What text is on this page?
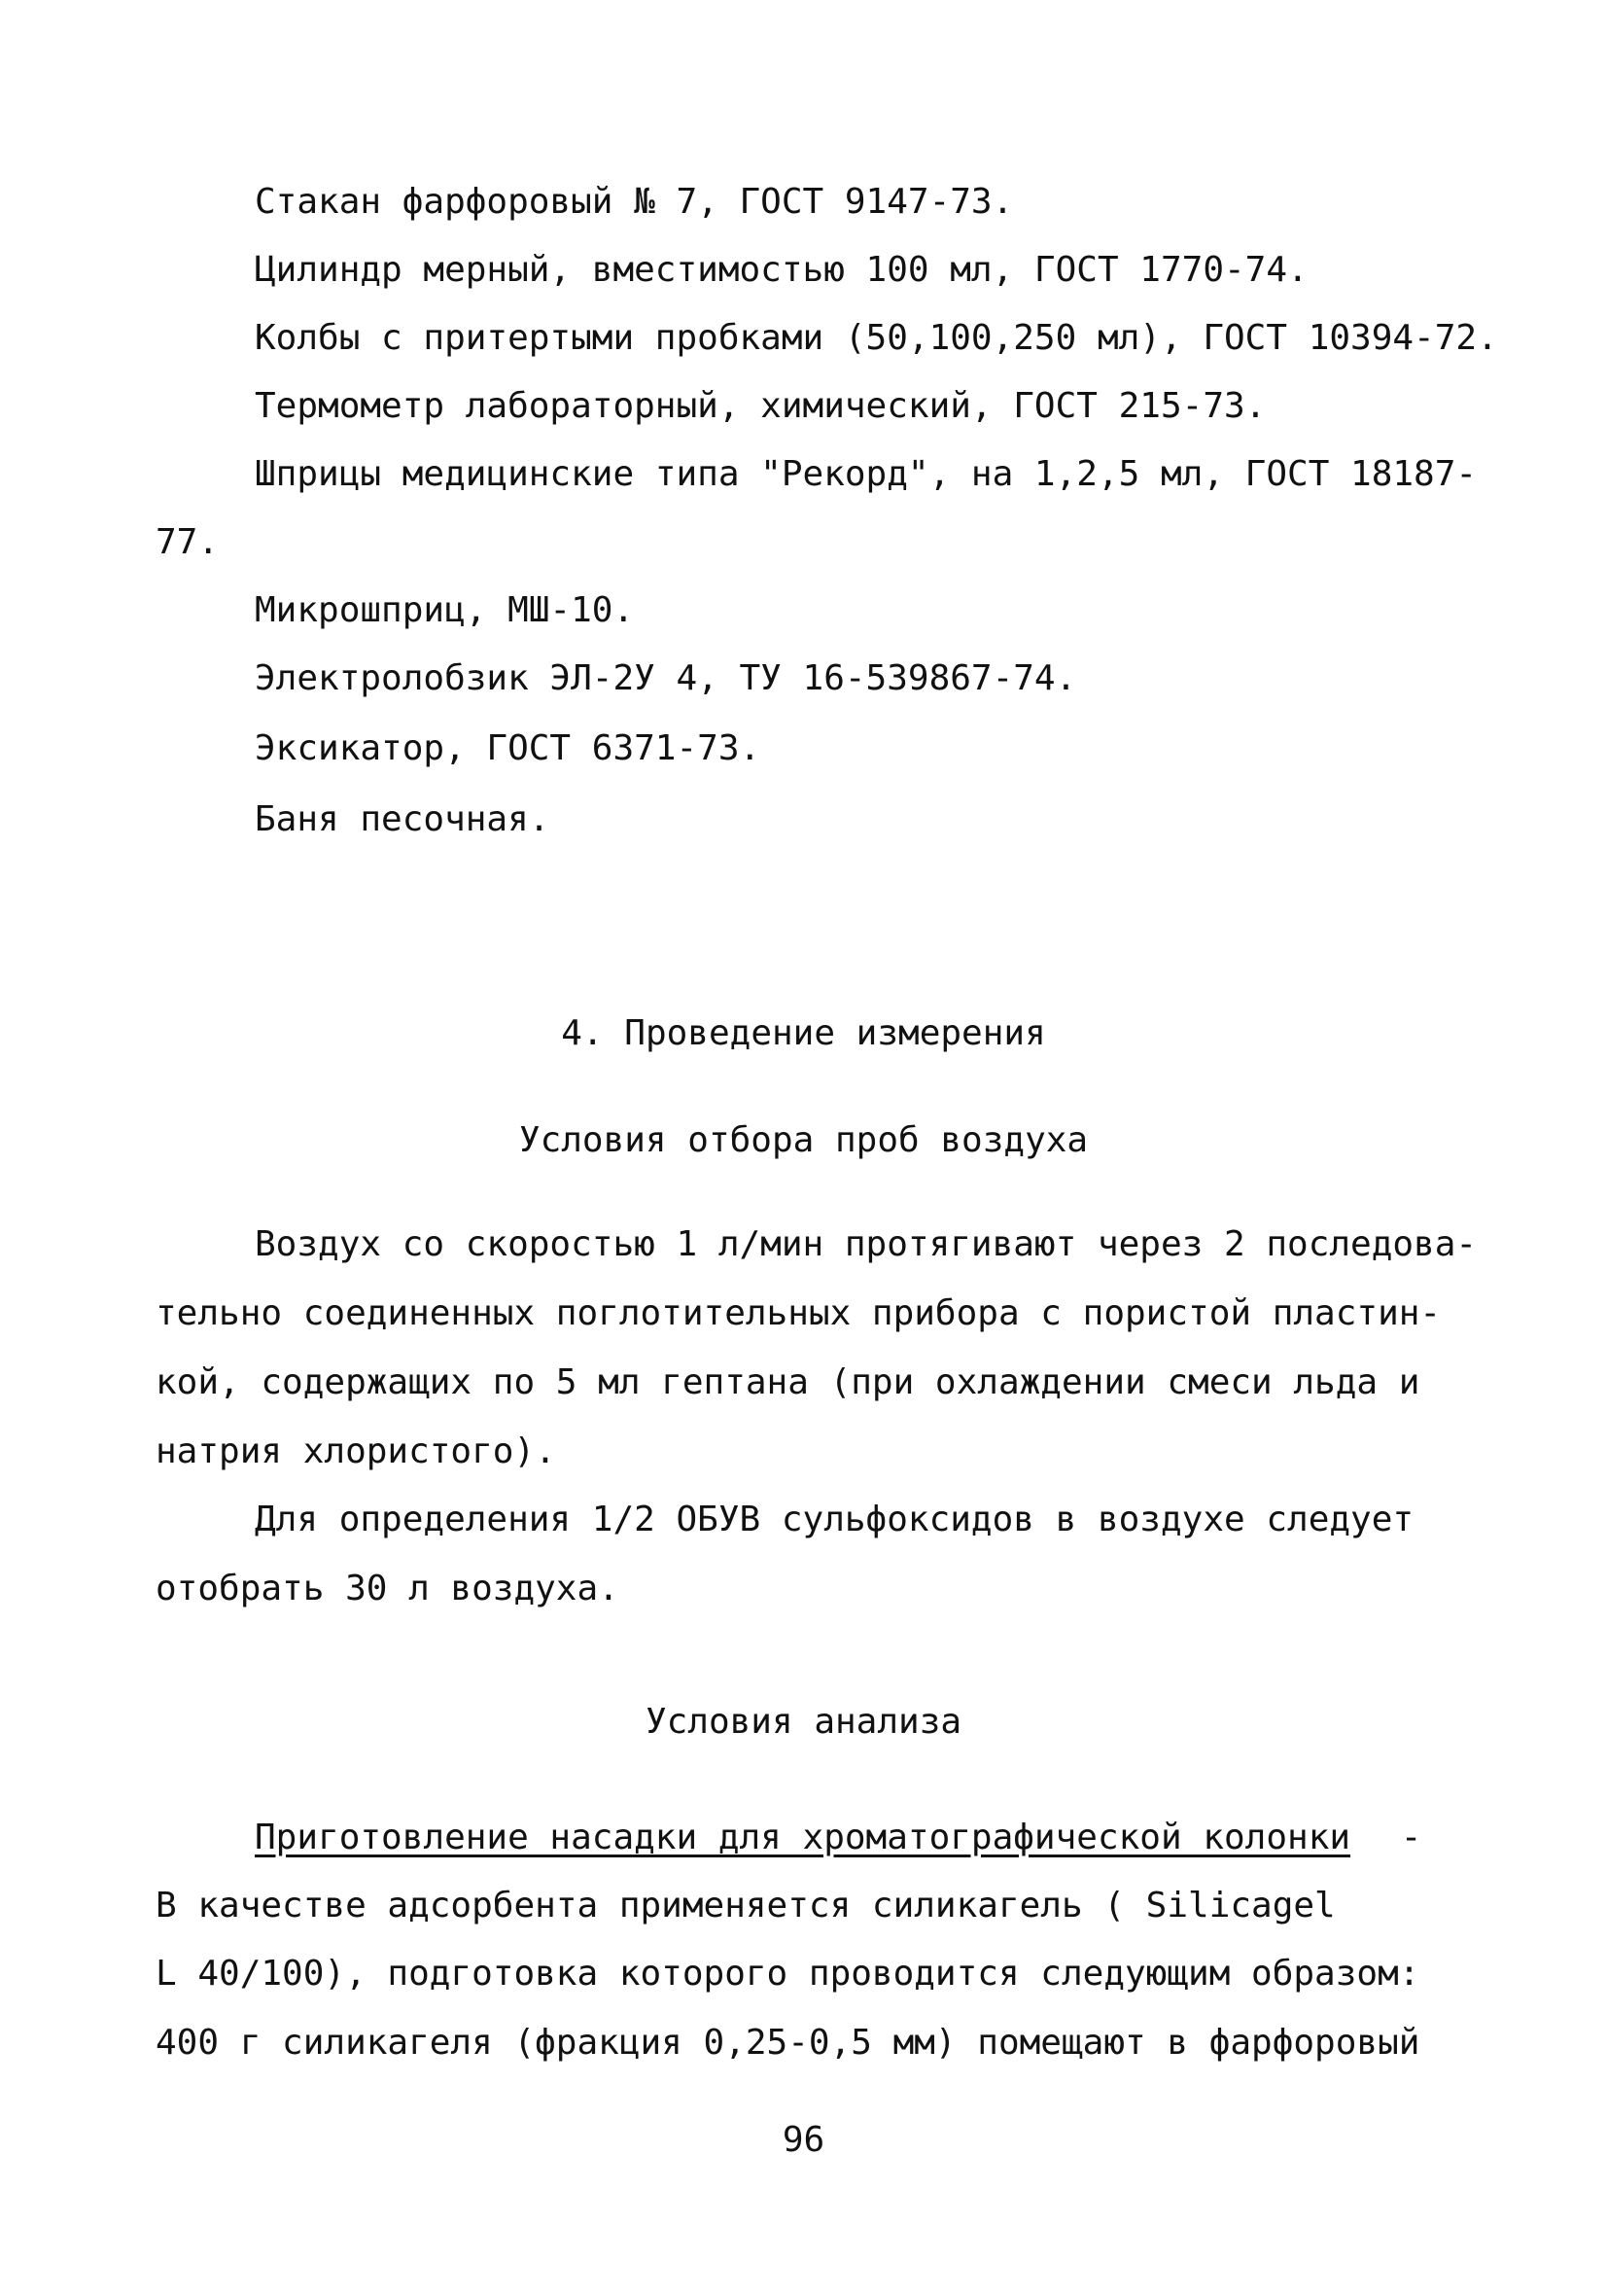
Стакан фарфоровый № 7, ГОСТ 9147-73.
Цилиндр мерный, вместимостью 100 мл, ГОСТ 1770-74.
Колбы с притертыми пробками (50,100,250 мл), ГОСТ 10394-72.
Термометр лабораторный, химический, ГОСТ 215-73.
Шприцы медицинские типа "Рекорд", на 1,2,5 мл, ГОСТ 18187-
77.
Микрошприц, МШ-10.
Электролобзик ЭЛ-2У 4, ТУ 16-539867-74.
Эксикатор, ГОСТ 6371-73.
Баня песочная.
4. Проведение измерения
Условия отбора проб воздуха
Воздух со скоростью 1 л/мин протягивают через 2 последова-
тельно соединенных поглотительных прибора с пористой пластин-
кой, содержащих по 5 мл гептана (при охлаждении смеси льда и
натрия хлористого).
Для определения 1/2 ОБУВ сульфоксидов в воздухе следует
отобрать 30 л воздуха.
Условия анализа
Приготовление насадки для хроматографической колонки -
В качестве адсорбента применяется силикагель ( Silicagel
L 40/100), подготовка которого проводится следующим образом:
400 г силикагеля (фракция 0,25-0,5 мм) помещают в фарфоровый
96
